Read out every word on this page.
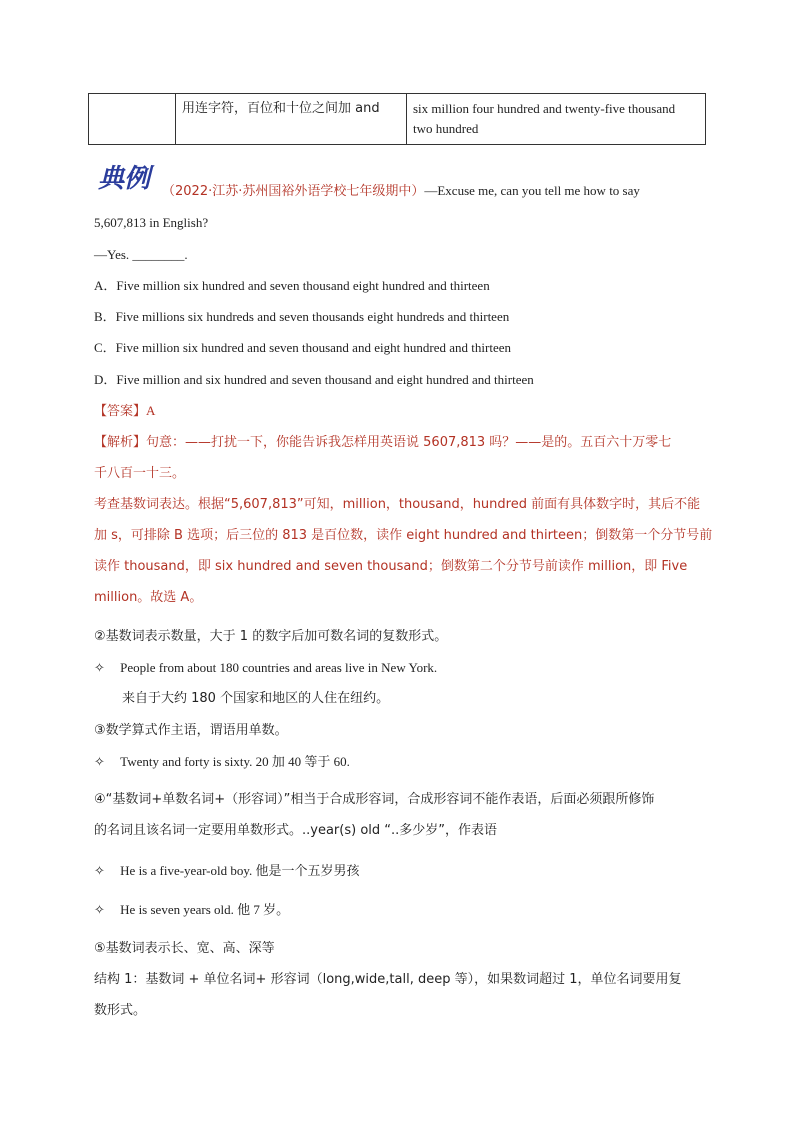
用连字符，百位和十位之间加 and	six million four hundred and twenty-five thousand
two hundred
典例 （2022·江苏·苏州国裕外语学校七年级期中）—Excuse me, can you tell me how to say
5,607,813 in English?
—Yes. ________.
A．Five million six hundred and seven thousand eight hundred and thirteen
B．Five millions six hundreds and seven thousands eight hundreds and thirteen
C．Five million six hundred and seven thousand and eight hundred and thirteen
D．Five million and six hundred and seven thousand and eight hundred and thirteen
【答案】A
【解析】句意：——打扰一下，你能告诉我怎样用英语说 5607,813 吗？——是的。五百六十万零七
千八百一十三。
考查基数词表达。根据“5,607,813”可知，million，thousand，hundred 前面有具体数字时，其后不能
加 s，可排除 B 选项；后三位的 813 是百位数，读作 eight hundred and thirteen；倒数第一个分节号前
读作 thousand，即 six hundred and seven thousand；倒数第二个分节号前读作 million，即 Five
million。故选 A。
②基数词表示数量，大于 1 的数字后加可数名词的复数形式。
✧ People from about 180 countries and areas live in New York.
来自于大约 180 个国家和地区的人住在纽约。
③数学算式作主语，谓语用单数。
✧ Twenty and forty is sixty. 20 加 40 等于 60.
④“基数词+单数名词+（形容词）”相当于合成形容词，合成形容词不能作表语，后面必须跟所修饰
的名词且该名词一定要用单数形式。..year(s) old “..多少岁”，作表语
✧ He is a five-year-old boy. 他是一个五岁男孩
✧ He is seven years old. 他 7 岁。
⑤基数词表示长、宽、高、深等
结构 1：基数词 + 单位名词+ 形容词（long,wide,tall, deep 等），如果数词超过 1，单位名词要用复
数形式。
